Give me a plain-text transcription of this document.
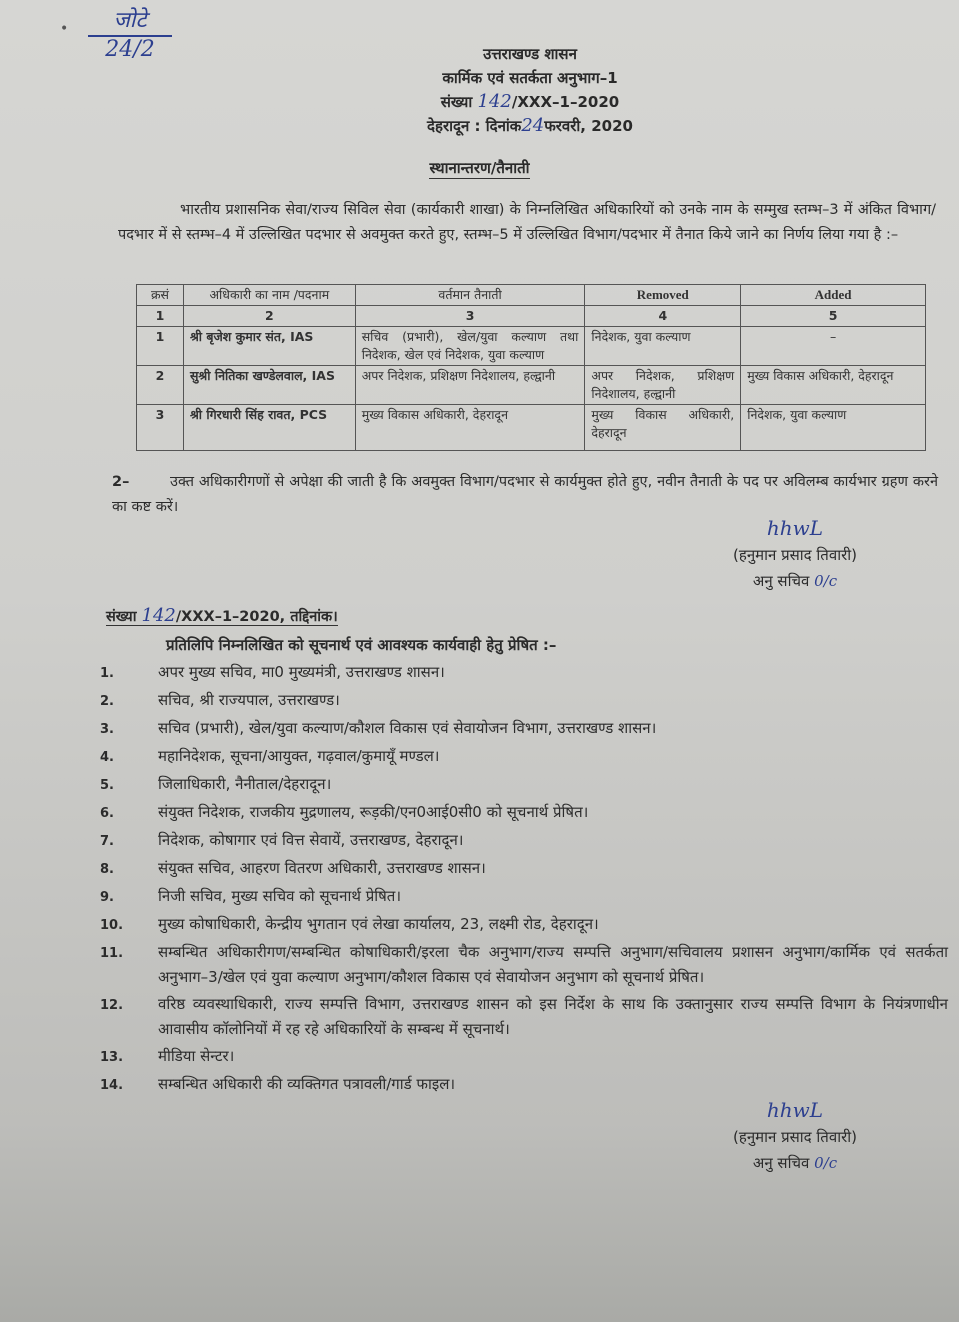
•	जोटे
24/2	उत्तराखण्ड शासन
कार्मिक एवं सतर्कता अनुभाग–1
संख्या 142/XXX–1–2020
देहरादून : दिनांक24फरवरी, 2020
स्थानान्तरण/तैनाती
भारतीय प्रशासनिक सेवा/राज्य सिविल सेवा (कार्यकारी शाखा) के निम्नलिखित अधिकारियों को उनके नाम के सम्मुख स्तम्भ–3 में अंकित विभाग/पदभार में से स्तम्भ–4 में उल्लिखित पदभार से अवमुक्त करते हुए, स्तम्भ–5 में उल्लिखित विभाग/पदभार में तैनात किये जाने का निर्णय लिया गया है :–
क्रसं	अधिकारी का नाम /पदनाम	वर्तमान तैनाती	Removed	Added
1	2	3	4	5
1	श्री बृजेश कुमार संत, IAS	सचिव (प्रभारी), खेल/युवा कल्याण तथा निदेशक, खेल एवं निदेशक, युवा कल्याण	निदेशक, युवा कल्याण	–
2	सुश्री नितिका खण्डेलवाल, IAS	अपर निदेशक, प्रशिक्षण निदेशालय, हल्द्वानी	अपर निदेशक, प्रशिक्षण निदेशालय, हल्द्वानी	मुख्य विकास अधिकारी, देहरादून
3	श्री गिरधारी सिंह रावत, PCS	मुख्य विकास अधिकारी, देहरादून	मुख्य विकास अधिकारी, देहरादून	निदेशक, युवा कल्याण
2–	उक्त अधिकारीगणों से अपेक्षा की जाती है कि अवमुक्त विभाग/पदभार से कार्यमुक्त होते हुए, नवीन तैनाती के पद पर अविलम्ब कार्यभार ग्रहण करने का कष्ट करें।
hhwL
(हनुमान प्रसाद तिवारी)
अनु सचिव 0/c
संख्या 142/XXX–1–2020, तद्दिनांक।
प्रतिलिपि निम्नलिखित को सूचनार्थ एवं आवश्यक कार्यवाही हेतु प्रेषित :–
1.	अपर मुख्य सचिव, मा0 मुख्यमंत्री, उत्तराखण्ड शासन।
2.	सचिव, श्री राज्यपाल, उत्तराखण्ड।
3.	सचिव (प्रभारी), खेल/युवा कल्याण/कौशल विकास एवं सेवायोजन विभाग, उत्तराखण्ड शासन।
4.	महानिदेशक, सूचना/आयुक्त, गढ़वाल/कुमायूँ मण्डल।
5.	जिलाधिकारी, नैनीताल/देहरादून।
6.	संयुक्त निदेशक, राजकीय मुद्रणालय, रूड़की/एन0आई0सी0 को सूचनार्थ प्रेषित।
7.	निदेशक, कोषागार एवं वित्त सेवायें, उत्तराखण्ड, देहरादून।
8.	संयुक्त सचिव, आहरण वितरण अधिकारी, उत्तराखण्ड शासन।
9.	निजी सचिव, मुख्य सचिव को सूचनार्थ प्रेषित।
10.	मुख्य कोषाधिकारी, केन्द्रीय भुगतान एवं लेखा कार्यालय, 23, लक्ष्मी रोड, देहरादून।
11.	सम्बन्धित अधिकारीगण/सम्बन्धित कोषाधिकारी/इरला चैक अनुभाग/राज्य सम्पत्ति अनुभाग/सचिवालय प्रशासन अनुभाग/कार्मिक एवं सतर्कता अनुभाग–3/खेल एवं युवा कल्याण अनुभाग/कौशल विकास एवं सेवायोजन अनुभाग को सूचनार्थ प्रेषित।
12.	वरिष्ठ व्यवस्थाधिकारी, राज्य सम्पत्ति विभाग, उत्तराखण्ड शासन को इस निर्देश के साथ कि उक्तानुसार राज्य सम्पत्ति विभाग के नियंत्रणाधीन आवासीय कॉलोनियों में रह रहे अधिकारियों के सम्बन्ध में सूचनार्थ।
13.	मीडिया सेन्टर।
14.	सम्बन्धित अधिकारी की व्यक्तिगत पत्रावली/गार्ड फाइल।
hhwL
(हनुमान प्रसाद तिवारी)
अनु सचिव 0/c
